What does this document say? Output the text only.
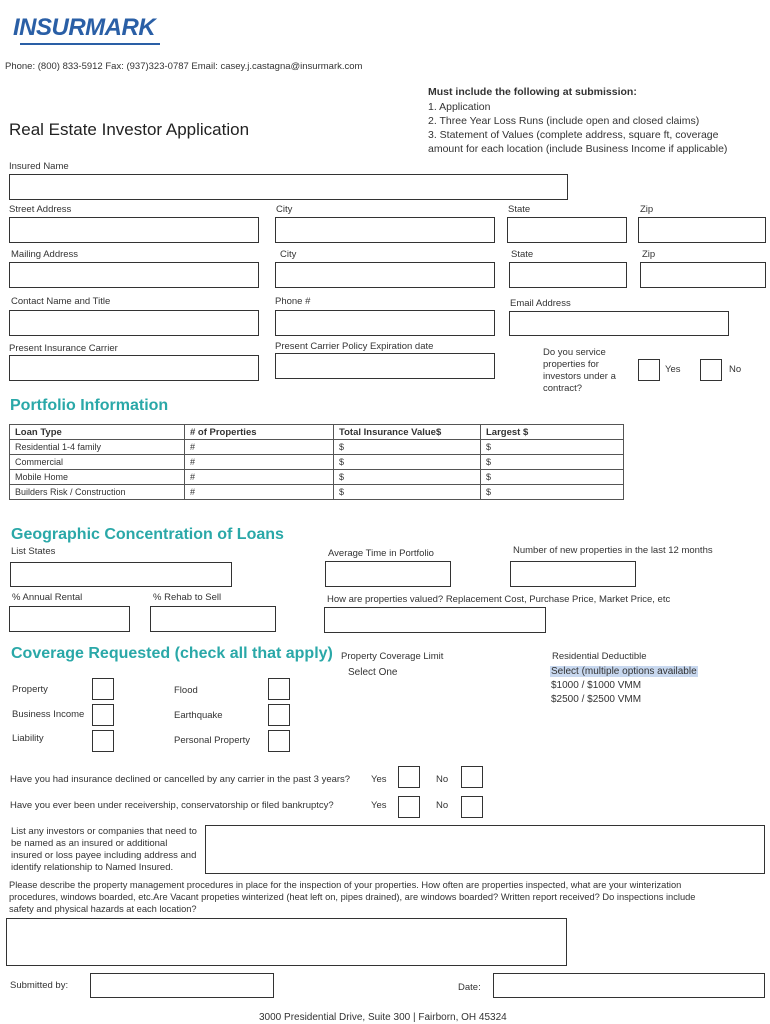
INSURMARK
Phone: (800) 833-5912 Fax: (937)323-0787 Email: casey.j.castagna@insurmark.com
Must include the following at submission:
1. Application
2. Three Year Loss Runs (include open and closed claims)
3. Statement of Values (complete address, square ft, coverage
amount for each location (include Business Income if applicable)
Real Estate Investor Application
Insured Name
Street Address	City	State	Zip
Mailing Address	City	State	Zip
Contact Name and Title	Phone #	Email Address
Present Insurance Carrier	Present Carrier Policy Expiration date
Do you service
properties for
investors under a
contract?
Yes	No
Portfolio Information
Loan Type	# of Properties	Total Insurance Value$	Largest $
Residential 1-4 family	#	$	$
Commercial	#	$	$
Mobile Home	#	$	$
Builders Risk / Construction	#	$	$
Geographic Concentration of Loans
List States	Average Time in Portfolio	Number of new properties in the last 12 months
% Annual Rental	% Rehab to Sell	How are properties valued? Replacement Cost, Purchase Price, Market Price, etc
Coverage Requested (check all that apply) Property Coverage Limit
Select One
Residential Deductible
Select (multiple options available
$1000 / $1000 VMM
$2500 / $2500 VMM
Property
Business Income
Liability
Flood
Earthquake
Personal Property
Have you had insurance declined or cancelled by any carrier in the past 3 years? Yes	No
Have you ever been under receivership, conservatorship or filed bankruptcy?	Yes	No
List any investors or companies that need to
be named as an insured or additional
insured or loss payee including address and
identify relationship to Named Insured.
Please describe the property management procedures in place for the inspection of your properties. How often are properties inspected, what are your winterization
procedures, windows boarded, etc.Are Vacant propeties winterized (heat left on, pipes drained), are windows boarded? Written report received? Do inspections include
safety and physical hazards at each location?
Submitted by:	Date:
3000 Presidential Drive, Suite 300 | Fairborn, OH 45324
